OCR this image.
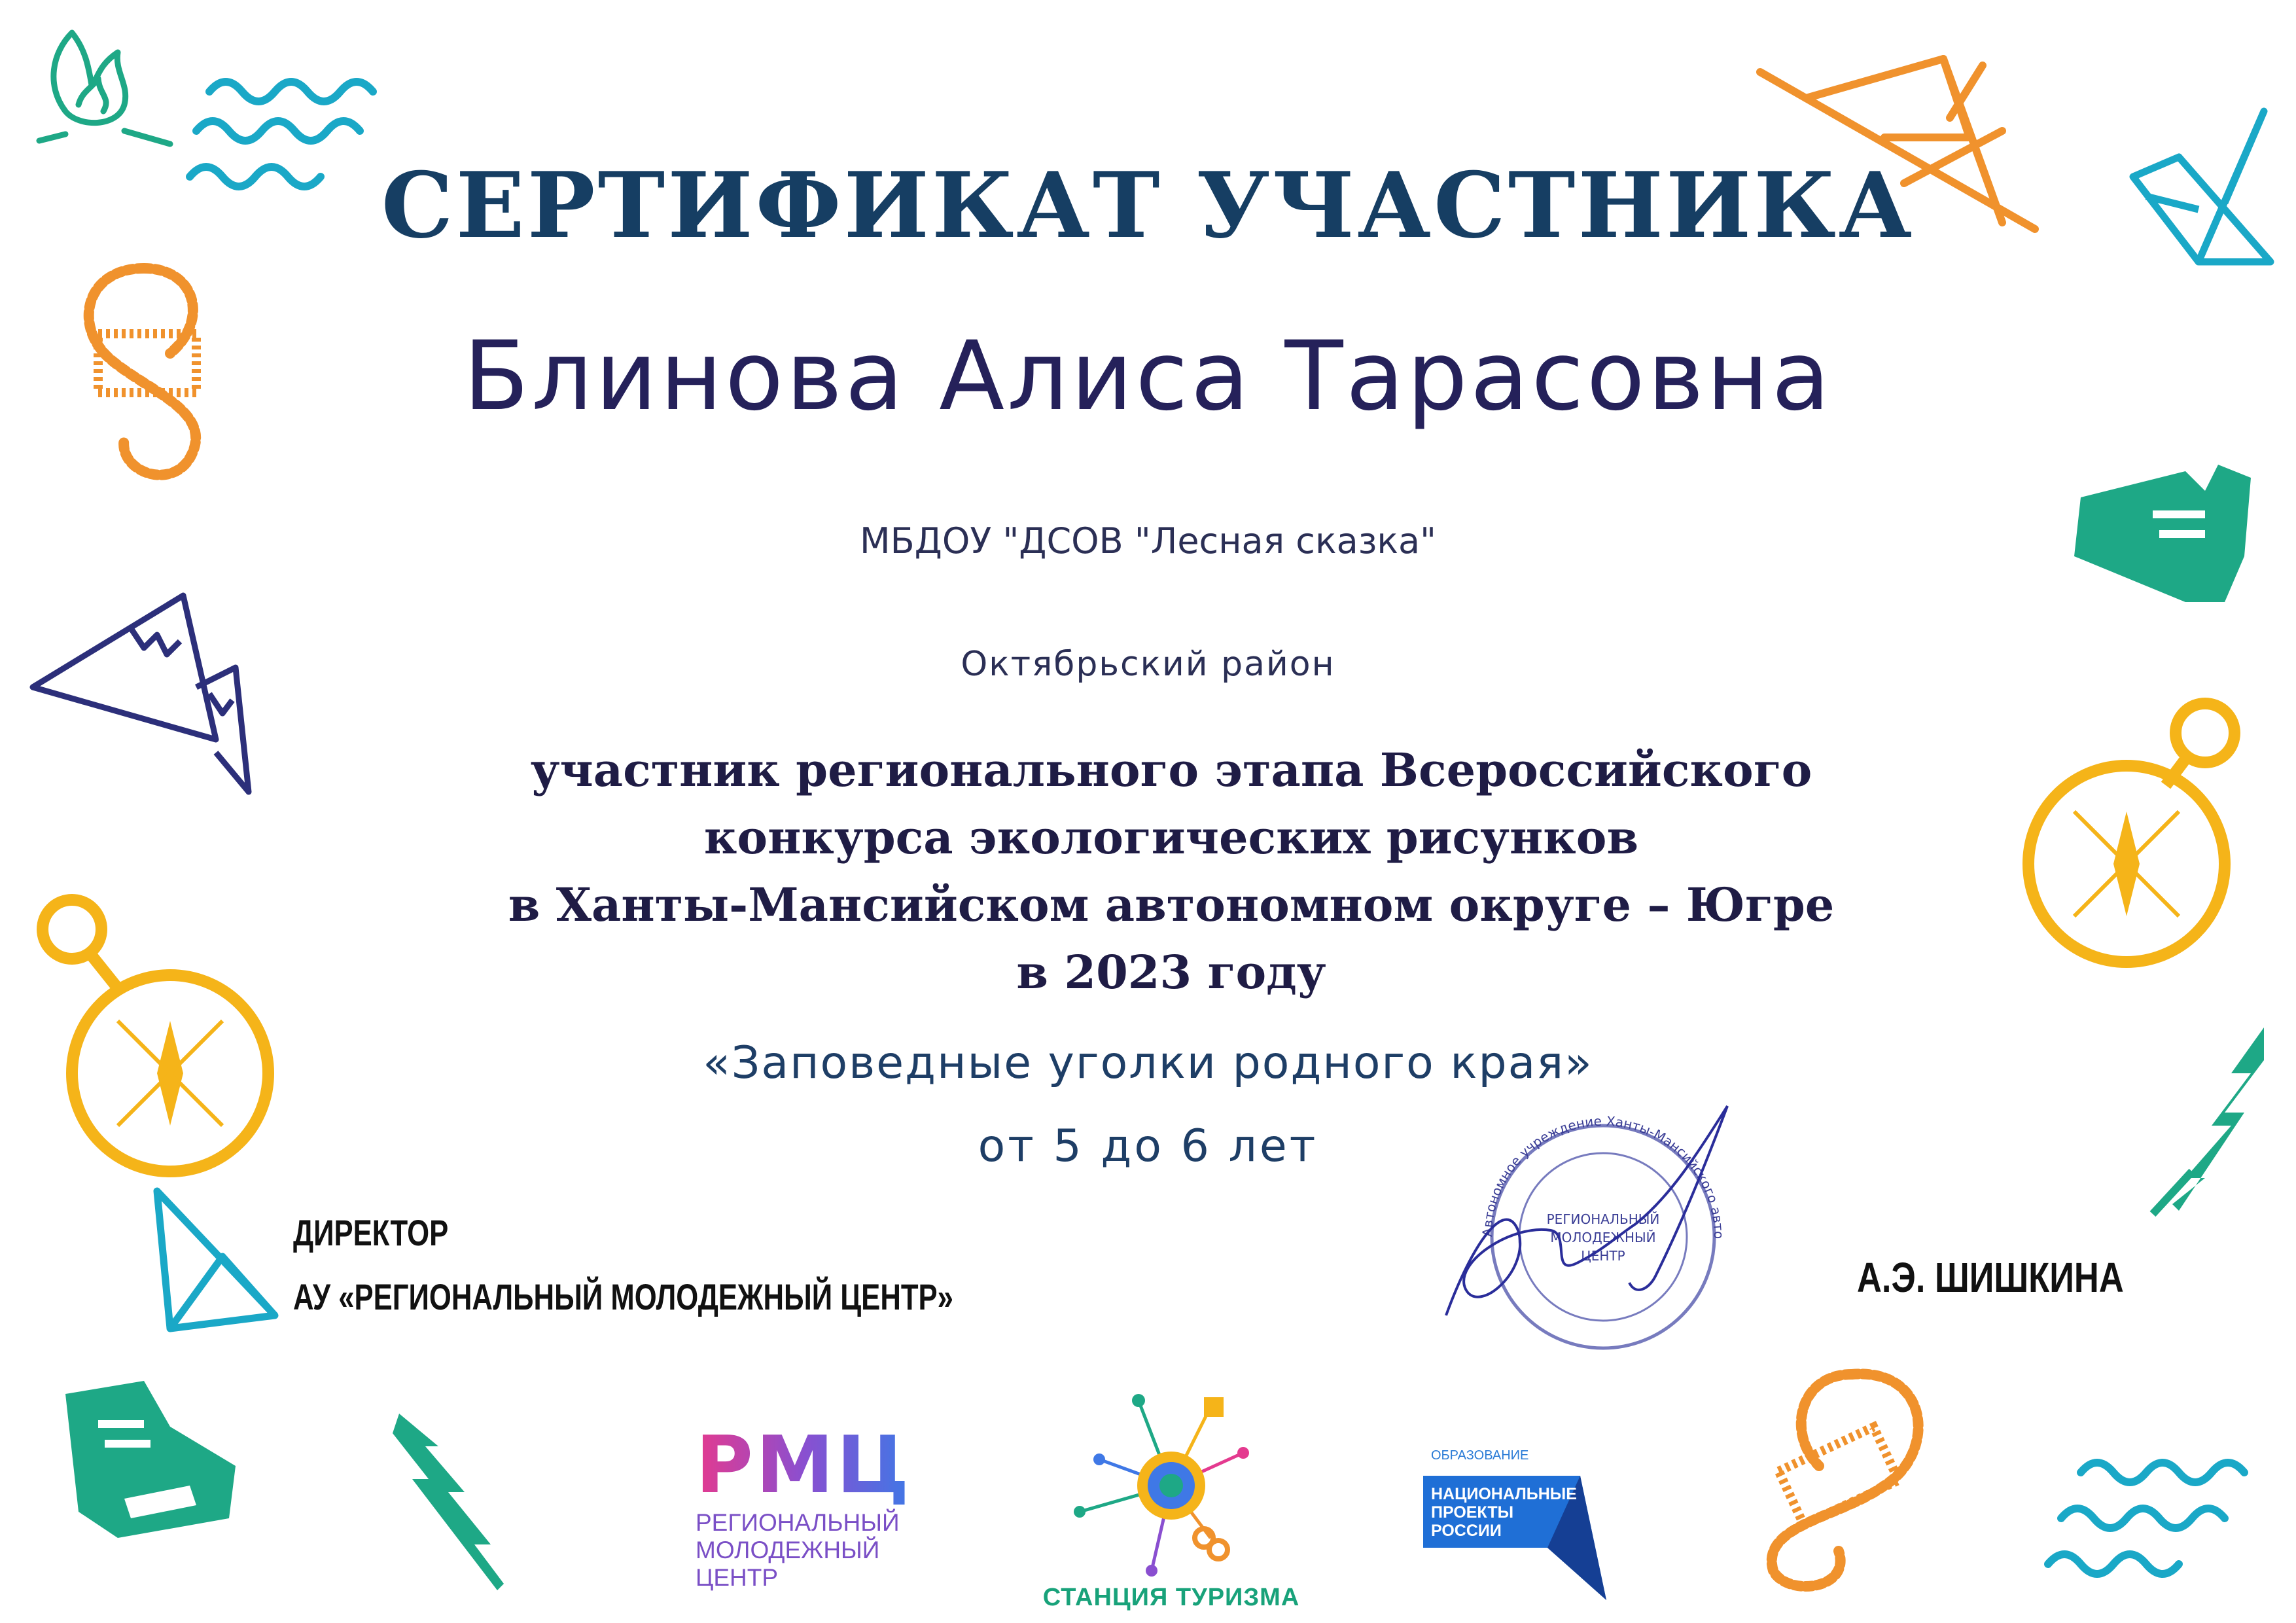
СЕРТИФИКАТ УЧАСТНИКА
Блинова Алиса Тарасовна
МБДОУ "ДСОВ "Лесная сказка"
Октябрьский район
участник регионального этапа Всероссийского
конкурса экологических рисунков
в Ханты-Мансийском автономном округе – Югре
в 2023 году
«Заповедные уголки родного края»
от 5 до 6 лет
ДИРЕКТОР
АУ «РЕГИОНАЛЬНЫЙ МОЛОДЕЖНЫЙ ЦЕНТР»
Автономное учреждение Ханты-Мансийского авто
РЕГИОНАЛЬНЫЙ
МОЛОДЕЖНЫЙ
ЦЕНТР	А.Э. ШИШКИНА
РМЦ
РЕГИОНАЛЬНЫЙ
МОЛОДЕЖНЫЙ
ЦЕНТР
СТАНЦИЯ ТУРИЗМА
ОБРАЗОВАНИЕ
НАЦИОНАЛЬНЫЕ
ПРОЕКТЫ
РОССИИ
